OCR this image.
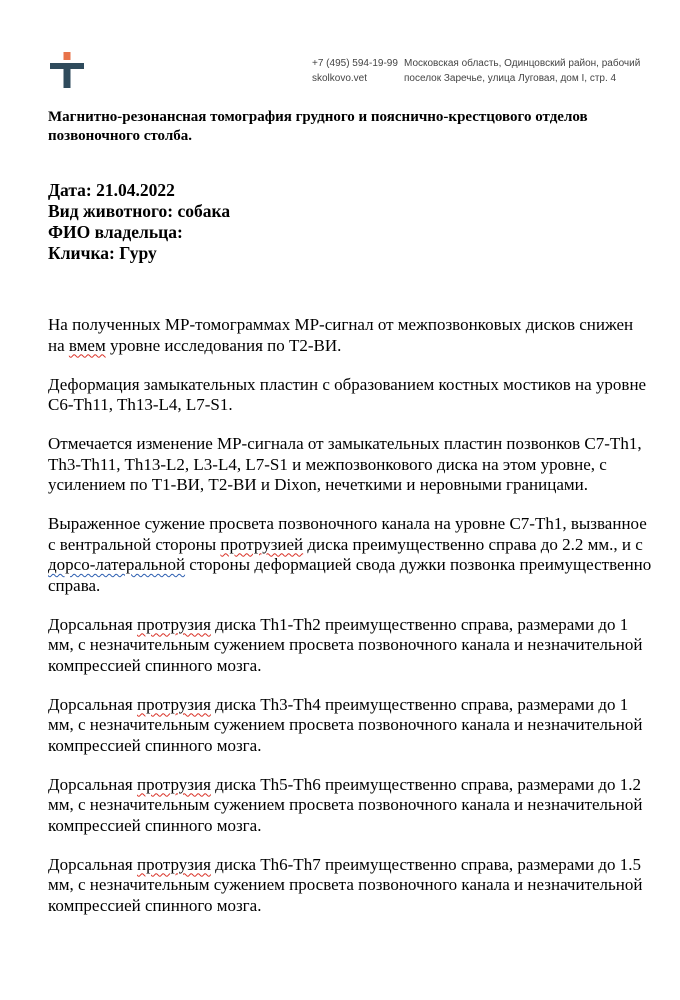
+7 (495) 594-19-99
skolkovo.vet
Московская область, Одинцовский район, рабочий
поселок Заречье, улица Луговая, дом I, стр. 4
Магнитно-резонансная томография грудного и пояснично-крестцового отделов позвоночного столба.
Дата: 21.04.2022
Вид животного: собака
ФИО владельца:
Кличка: Гуру

На полученных МР-томограммах МР-сигнал от межпозвонковых дисков снижен на вмем уровне исследования по Т2-ВИ.

Деформация замыкательных пластин с образованием костных мостиков на уровне C6-Th11, Th13-L4, L7-S1.

Отмечается изменение МР-сигнала от замыкательных пластин позвонков С7-Th1, Th3-Th11, Th13-L2, L3-L4, L7-S1 и межпозвонкового диска на этом уровне, с усилением по Т1-ВИ, Т2-ВИ и Dixon, нечеткими и неровными границами.

Выраженное сужение просвета позвоночного канала на уровне С7-Th1, вызванное с вентральной стороны протрузией диска преимущественно справа до 2.2 мм., и с дорсо-латеральной стороны деформацией свода дужки позвонка преимущественно справа.

Дорсальная протрузия диска Th1-Th2 преимущественно справа, размерами до 1 мм, с незначительным сужением просвета позвоночного канала и незначительной компрессией спинного мозга.

Дорсальная протрузия диска Th3-Th4 преимущественно справа, размерами до 1 мм, с незначительным сужением просвета позвоночного канала и незначительной компрессией спинного мозга.

Дорсальная протрузия диска Th5-Th6 преимущественно справа, размерами до 1.2 мм, с незначительным сужением просвета позвоночного канала и незначительной компрессией спинного мозга.

Дорсальная протрузия диска Th6-Th7 преимущественно справа, размерами до 1.5 мм, с незначительным сужением просвета позвоночного канала и незначительной компрессией спинного мозга.
